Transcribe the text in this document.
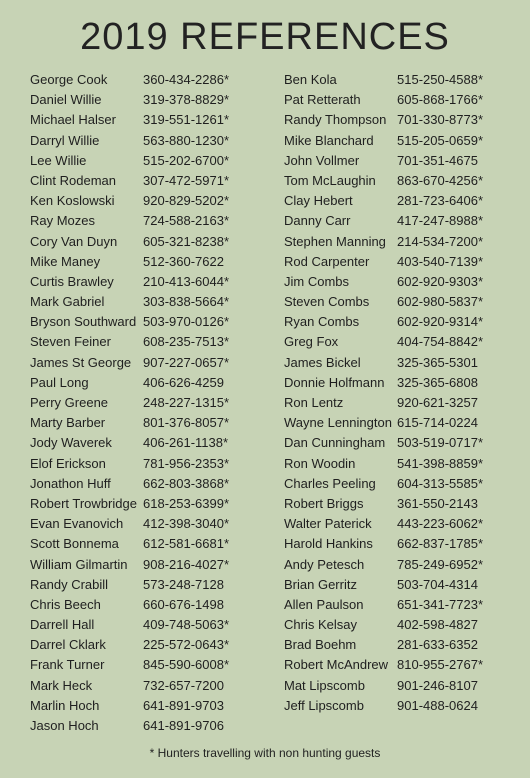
2019 REFERENCES
George Cook	360-434-2286*
Daniel Willie	319-378-8829*
Michael Halser 319-551-1261*
Darryl Willie	563-880-1230*
Lee Willie	515-202-6700*
Clint Rodeman 307-472-5971*
Ken Koslowski 920-829-5202*
Ray Mozes	724-588-2163*
Cory Van Duyn 605-321-8238*
Mike Maney	512-360-7622
Curtis Brawley 210-413-6044*
Mark Gabriel	303-838-5664*
Bryson Southward 503-970-0126*
Steven Feiner 608-235-7513*
James St George 907-227-0657*
Paul Long	406-626-4259
Perry Greene	248-227-1315*
Marty Barber	801-376-8057*
Jody Waverek 406-261-1138*
Elof Erickson	781-956-2353*
Jonathon Huff 662-803-3868*
Robert Trowbridge 618-253-6399*
Evan Evanovich 412-398-3040*
Scott Bonnema 612-581-6681*
William Gilmartin 908-216-4027*
Randy Crabill	573-248-7128
Chris Beech	660-676-1498
Darrell Hall	409-748-5063*
Darrel Cklark	225-572-0643*
Frank Turner	845-590-6008*
Mark Heck	732-657-7200
Marlin Hoch	641-891-9703
Jason Hoch	641-891-9706
Ben Kola	515-250-4588*
Pat Retterath	605-868-1766*
Randy Thompson 701-330-8773*
Mike Blanchard 515-205-0659*
John Vollmer	701-351-4675
Tom McLaughin 863-670-4256*
Clay Hebert	281-723-6406*
Danny Carr	417-247-8988*
Stephen Manning 214-534-7200*
Rod Carpenter 403-540-7139*
Jim Combs	602-920-9303*
Steven Combs 602-980-5837*
Ryan Combs	602-920-9314*
Greg Fox	404-754-8842*
James Bickel	325-365-5301
Donnie Holfmann 325-365-6808
Ron Lentz	920-621-3257
Wayne Lennington 615-714-0224
Dan Cunningham 503-519-0717*
Ron Woodin	541-398-8859*
Charles Peeling 604-313-5585*
Robert Briggs	361-550-2143
Walter Paterick 443-223-6062*
Harold Hankins 662-837-1785*
Andy Petesch	785-249-6952*
Brian Gerritz	503-704-4314
Allen Paulson	651-341-7723*
Chris Kelsay	402-598-4827
Brad Boehm	281-633-6352
Robert McAndrew 810-955-2767*
Mat Lipscomb 901-246-8107
Jeff Lipscomb	901-488-0624
* Hunters travelling with non hunting guests
